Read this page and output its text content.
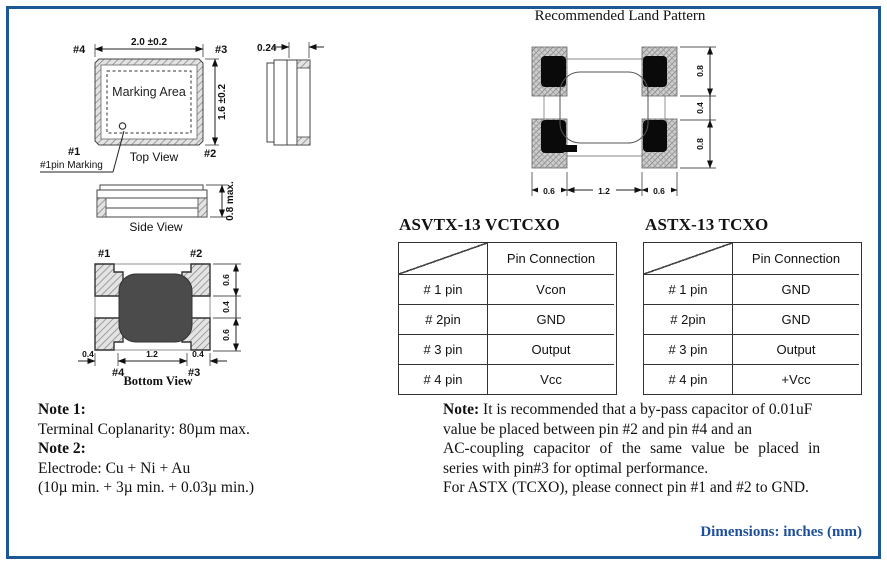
Marking Area
#1pin Marking
#4	#3
#1	#2
Top View
2.0 ±0.2
1.6 ±0.2
0.24
0.8 max.
Side View
#1	#2
0.6
0.4
0.6
0.4	1.2	0.4
#4	#3
Bottom View
0.8
0.4
0.8
0.6	1.2	0.6
Recommended Land Pattern
ASVTX-13 VCTCXO	ASTX-13 TCXO
Pin Connection
# 1 pin	Vcon
# 2pin	GND
# 3 pin	Output
# 4 pin	Vcc
Pin Connection
# 1 pin	GND
# 2pin	GND
# 3 pin	Output
# 4 pin	+Vcc
Note 1:
Terminal Coplanarity: 80µm max.
Note 2:
Electrode: Cu + Ni + Au
(10µ min. + 3µ min. + 0.03µ min.)
Note: It is recommended that a by-pass capacitor of 0.01uF
value be placed between pin #2 and pin #4 and an
AC-coupling capacitor of the same value be placed in
series with pin#3 for optimal performance.
For ASTX (TCXO), please connect pin #1 and #2 to GND.
Dimensions: inches (mm)
